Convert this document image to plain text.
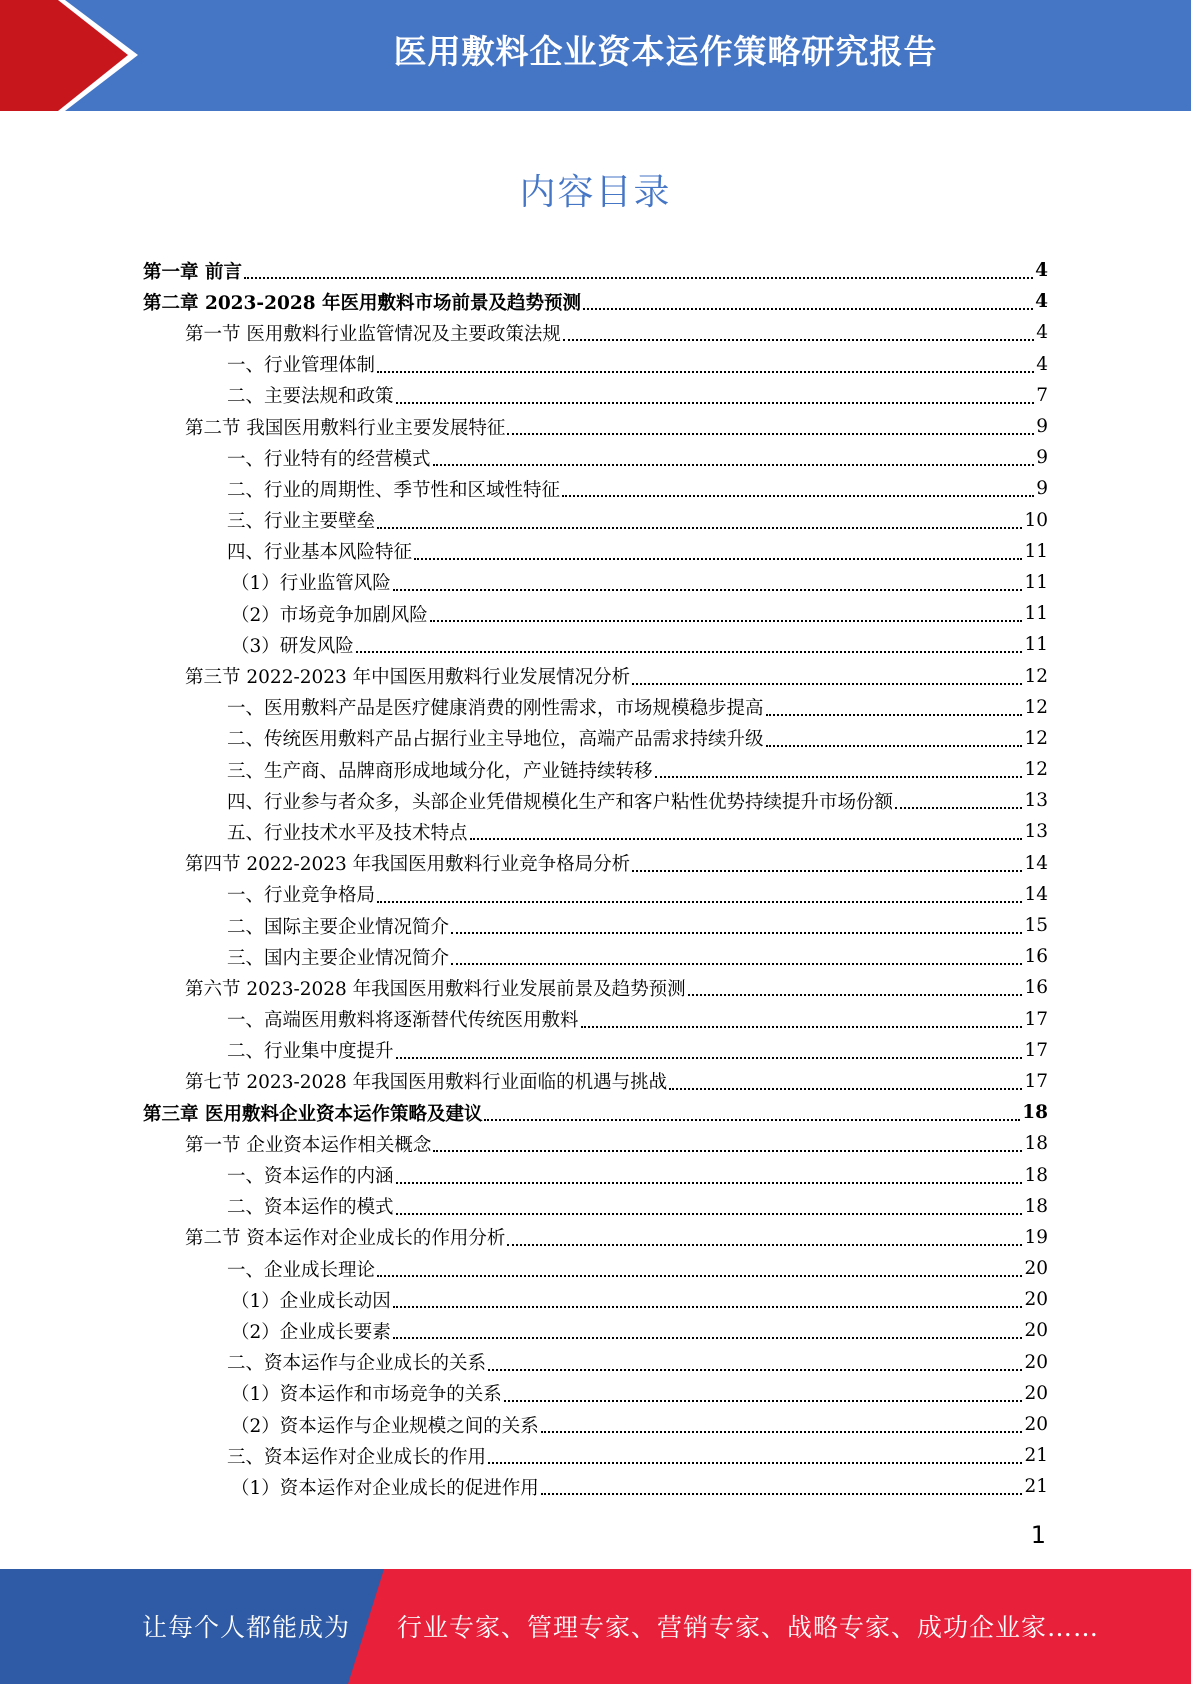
医用敷料企业资本运作策略研究报告
内容目录
第一章 前言	4
第二章 2023-2028 年医用敷料市场前景及趋势预测	4
第一节 医用敷料行业监管情况及主要政策法规	4
一、行业管理体制	4
二、主要法规和政策	7
第二节 我国医用敷料行业主要发展特征	9
一、行业特有的经营模式	9
二、行业的周期性、季节性和区域性特征	9
三、行业主要壁垒	10
四、行业基本风险特征	11
（1）行业监管风险	11
（2）市场竞争加剧风险	11
（3）研发风险	11
第三节 2022-2023 年中国医用敷料行业发展情况分析	12
一、医用敷料产品是医疗健康消费的刚性需求，市场规模稳步提高	12
二、传统医用敷料产品占据行业主导地位，高端产品需求持续升级	12
三、生产商、品牌商形成地域分化，产业链持续转移	12
四、行业参与者众多，头部企业凭借规模化生产和客户粘性优势持续提升市场份额	13
五、行业技术水平及技术特点	13
第四节 2022-2023 年我国医用敷料行业竞争格局分析	14
一、行业竞争格局	14
二、国际主要企业情况简介	15
三、国内主要企业情况简介	16
第六节 2023-2028 年我国医用敷料行业发展前景及趋势预测	16
一、高端医用敷料将逐渐替代传统医用敷料	17
二、行业集中度提升	17
第七节 2023-2028 年我国医用敷料行业面临的机遇与挑战	17
第三章 医用敷料企业资本运作策略及建议	18
第一节 企业资本运作相关概念	18
一、资本运作的内涵	18
二、资本运作的模式	18
第二节 资本运作对企业成长的作用分析	19
一、企业成长理论	20
（1）企业成长动因	20
（2）企业成长要素	20
二、资本运作与企业成长的关系	20
（1）资本运作和市场竞争的关系	20
（2）资本运作与企业规模之间的关系	20
三、资本运作对企业成长的作用	21
（1）资本运作对企业成长的促进作用	21
1
让每个人都能成为 行业专家、管理专家、营销专家、战略专家、成功企业家……
